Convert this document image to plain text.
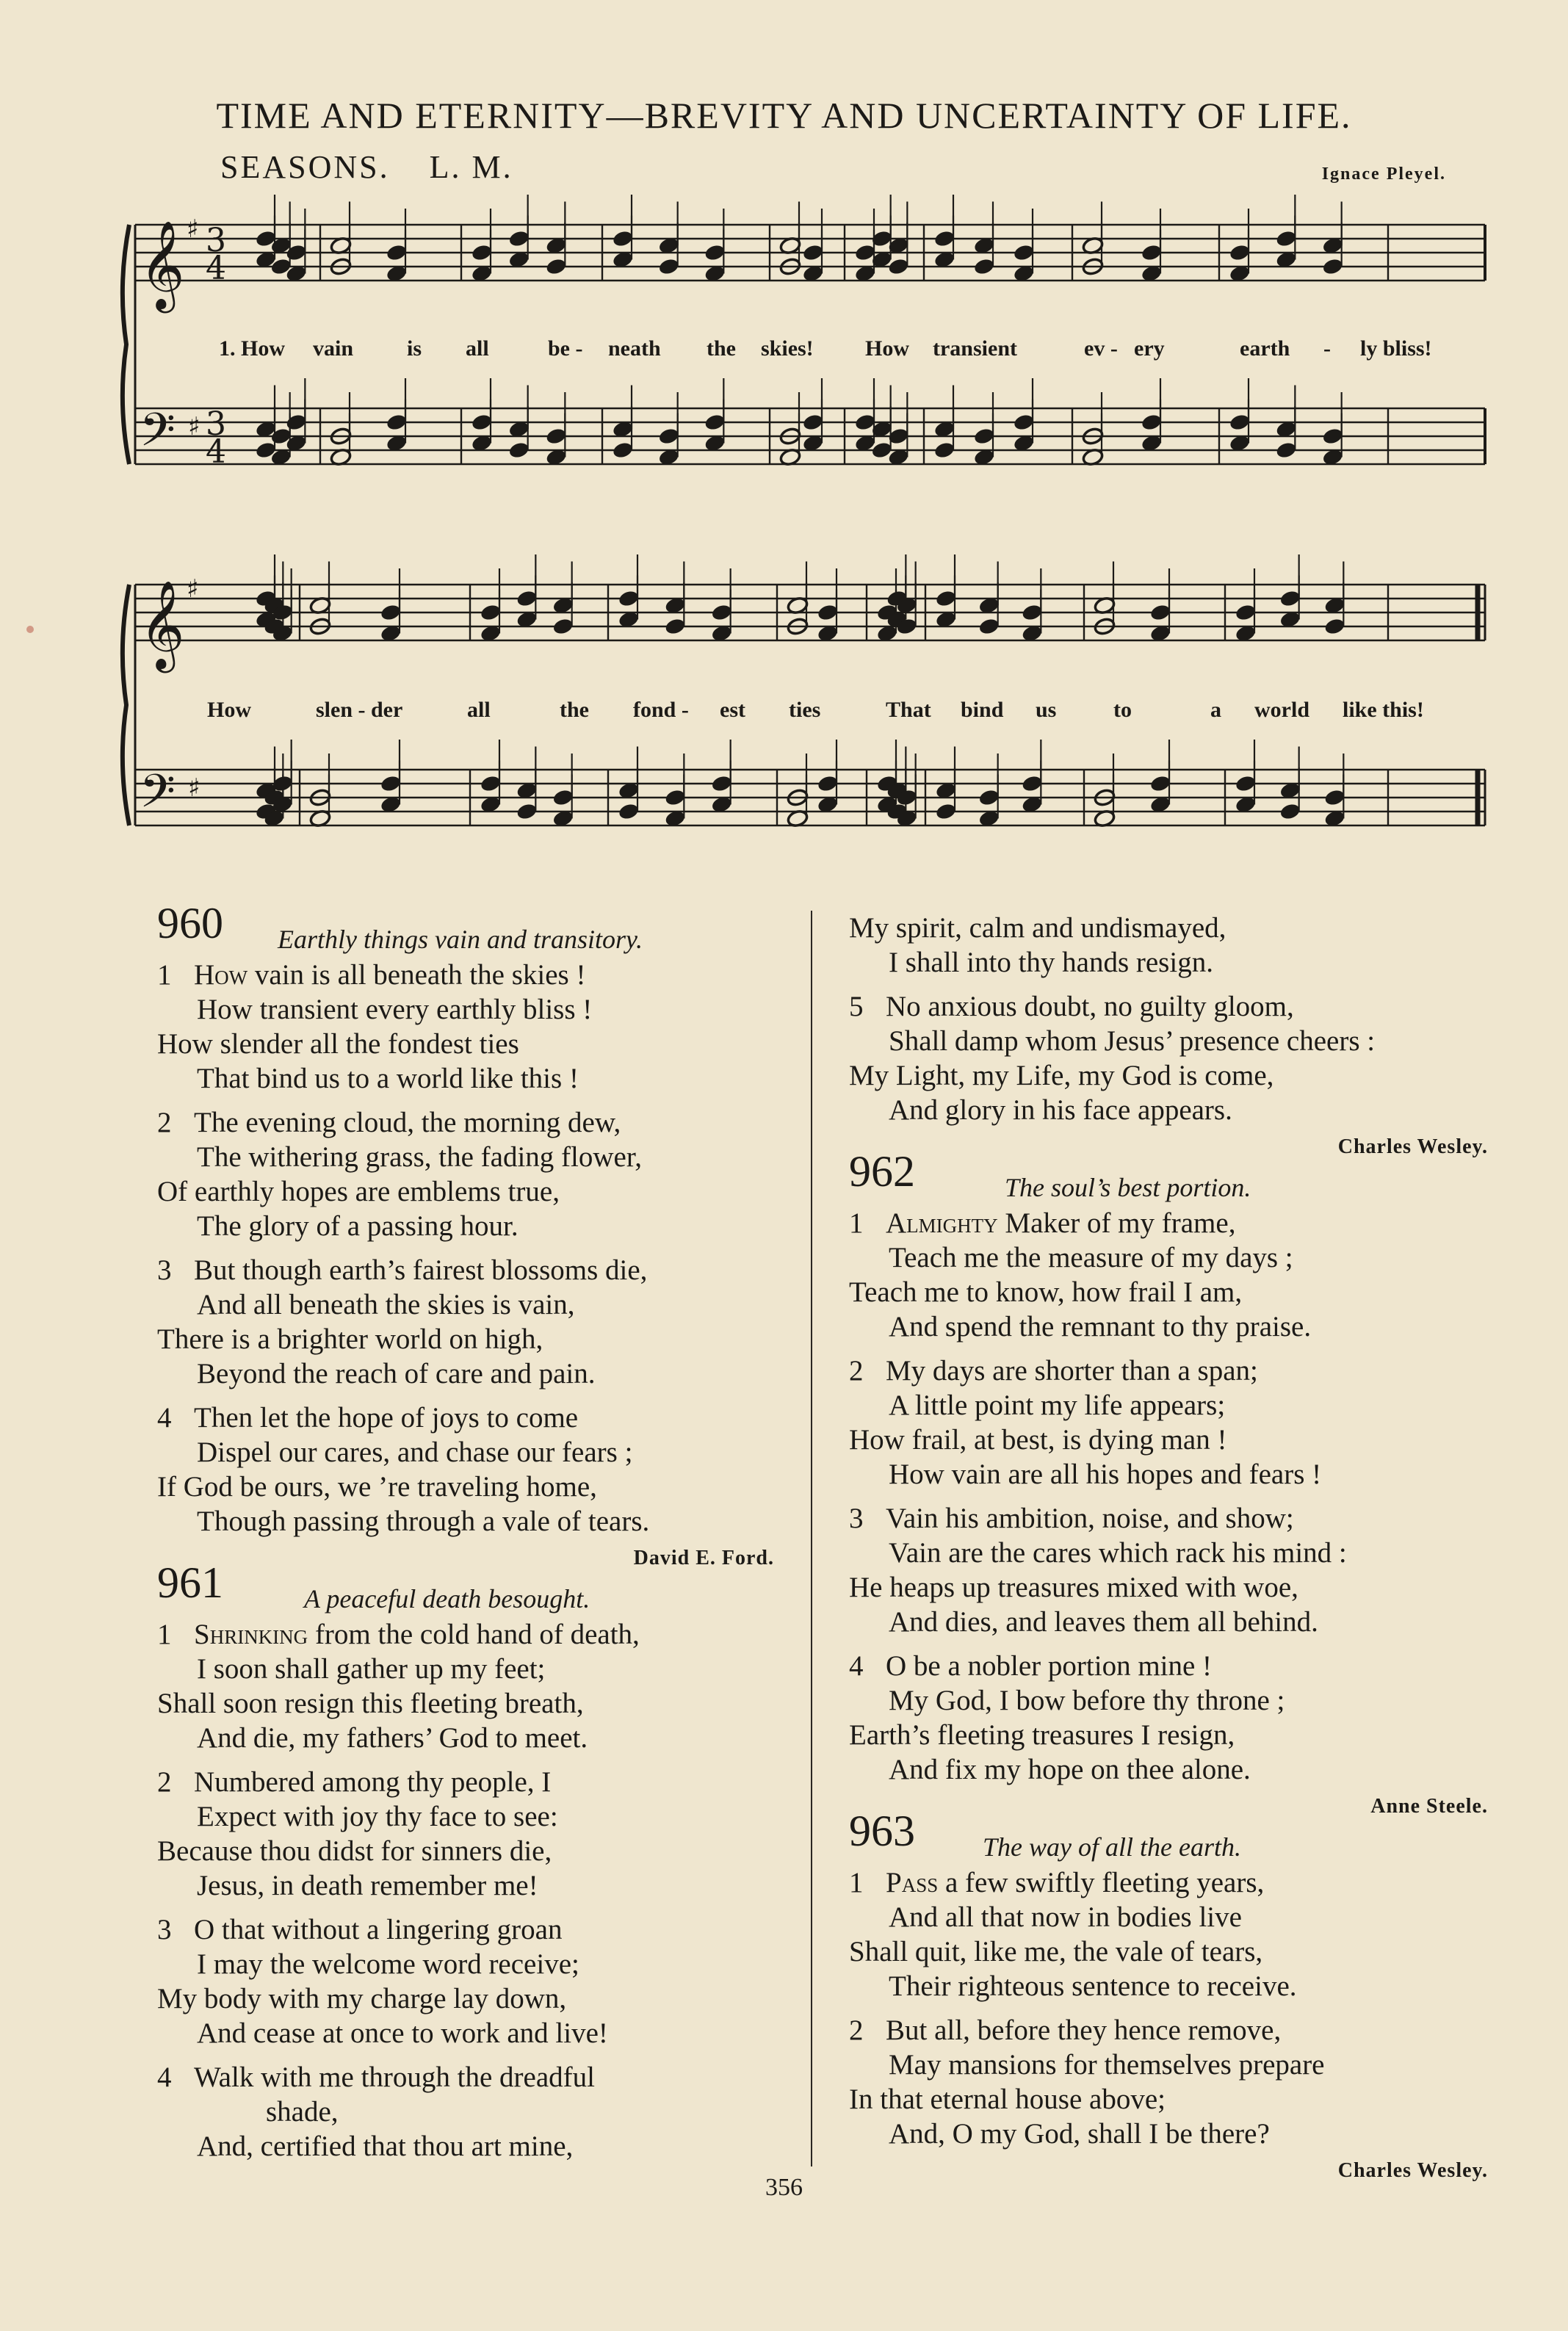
TIME AND ETERNITY—BREVITY AND UNCERTAINTY OF LIFE.
SEASONS. L. M.	Ignace Pleyel.
𝄞
𝄢
♯
♯
3
4
3
4
𝄞
𝄢
♯
♯
1. How vain is all	be - neath the skies! How transient	ev - ery	earth - ly bliss!
How	slen - der	all	the fond - est ties	That bind us	to	a world like this!
960 Earthly things vain and transitory.
1 How vain is all beneath the skies !
How transient every earthly bliss !
How slender all the fondest ties
That bind us to a world like this !
2 The evening cloud, the morning dew,
The withering grass, the fading flower,
Of earthly hopes are emblems true,
The glory of a passing hour.
3 But though earth’s fairest blossoms die,
And all beneath the skies is vain,
There is a brighter world on high,
Beyond the reach of care and pain.
4 Then let the hope of joys to come
Dispel our cares, and chase our fears ;
If God be ours, we ’re traveling home,
Though passing through a vale of tears.
David E. Ford.
961	A peaceful death besought.
1 Shrinking from the cold hand of death,
I soon shall gather up my feet;
Shall soon resign this fleeting breath,
And die, my fathers’ God to meet.
2 Numbered among thy people, I
Expect with joy thy face to see:
Because thou didst for sinners die,
Jesus, in death remember me!
3 O that without a lingering groan
I may the welcome word receive;
My body with my charge lay down,
And cease at once to work and live!
4 Walk with me through the dreadful
shade,
And, certified that thou art mine,
My spirit, calm and undismayed,
I shall into thy hands resign.
5 No anxious doubt, no guilty gloom,
Shall damp whom Jesus’ presence cheers :
My Light, my Life, my God is come,
And glory in his face appears.
Charles Wesley.
962	The soul’s best portion.
1 Almighty Maker of my frame,
Teach me the measure of my days ;
Teach me to know, how frail I am,
And spend the remnant to thy praise.
2 My days are shorter than a span;
A little point my life appears;
How frail, at best, is dying man !
How vain are all his hopes and fears !
3 Vain his ambition, noise, and show;
Vain are the cares which rack his mind :
He heaps up treasures mixed with woe,
And dies, and leaves them all behind.
4 O be a nobler portion mine !
My God, I bow before thy throne ;
Earth’s fleeting treasures I resign,
And fix my hope on thee alone.
Anne Steele.
963	The way of all the earth.
1 Pass a few swiftly fleeting years,
And all that now in bodies live
Shall quit, like me, the vale of tears,
Their righteous sentence to receive.
2 But all, before they hence remove,
May mansions for themselves prepare
In that eternal house above;
And, O my God, shall I be there?
Charles Wesley.
356
